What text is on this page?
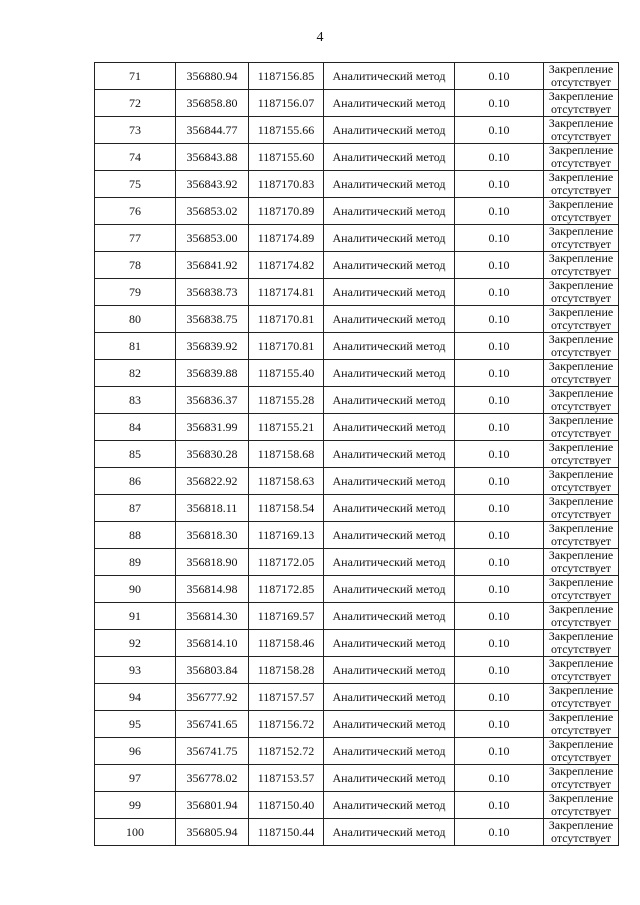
4
71	356880.94	1187156.85	Аналитический метод	0.10	Закрепление отсутствует
72	356858.80	1187156.07	Аналитический метод	0.10	Закрепление отсутствует
73	356844.77	1187155.66	Аналитический метод	0.10	Закрепление отсутствует
74	356843.88	1187155.60	Аналитический метод	0.10	Закрепление отсутствует
75	356843.92	1187170.83	Аналитический метод	0.10	Закрепление отсутствует
76	356853.02	1187170.89	Аналитический метод	0.10	Закрепление отсутствует
77	356853.00	1187174.89	Аналитический метод	0.10	Закрепление отсутствует
78	356841.92	1187174.82	Аналитический метод	0.10	Закрепление отсутствует
79	356838.73	1187174.81	Аналитический метод	0.10	Закрепление отсутствует
80	356838.75	1187170.81	Аналитический метод	0.10	Закрепление отсутствует
81	356839.92	1187170.81	Аналитический метод	0.10	Закрепление отсутствует
82	356839.88	1187155.40	Аналитический метод	0.10	Закрепление отсутствует
83	356836.37	1187155.28	Аналитический метод	0.10	Закрепление отсутствует
84	356831.99	1187155.21	Аналитический метод	0.10	Закрепление отсутствует
85	356830.28	1187158.68	Аналитический метод	0.10	Закрепление отсутствует
86	356822.92	1187158.63	Аналитический метод	0.10	Закрепление отсутствует
87	356818.11	1187158.54	Аналитический метод	0.10	Закрепление отсутствует
88	356818.30	1187169.13	Аналитический метод	0.10	Закрепление отсутствует
89	356818.90	1187172.05	Аналитический метод	0.10	Закрепление отсутствует
90	356814.98	1187172.85	Аналитический метод	0.10	Закрепление отсутствует
91	356814.30	1187169.57	Аналитический метод	0.10	Закрепление отсутствует
92	356814.10	1187158.46	Аналитический метод	0.10	Закрепление отсутствует
93	356803.84	1187158.28	Аналитический метод	0.10	Закрепление отсутствует
94	356777.92	1187157.57	Аналитический метод	0.10	Закрепление отсутствует
95	356741.65	1187156.72	Аналитический метод	0.10	Закрепление отсутствует
96	356741.75	1187152.72	Аналитический метод	0.10	Закрепление отсутствует
97	356778.02	1187153.57	Аналитический метод	0.10	Закрепление отсутствует
99	356801.94	1187150.40	Аналитический метод	0.10	Закрепление отсутствует
100	356805.94	1187150.44	Аналитический метод	0.10	Закрепление отсутствует
